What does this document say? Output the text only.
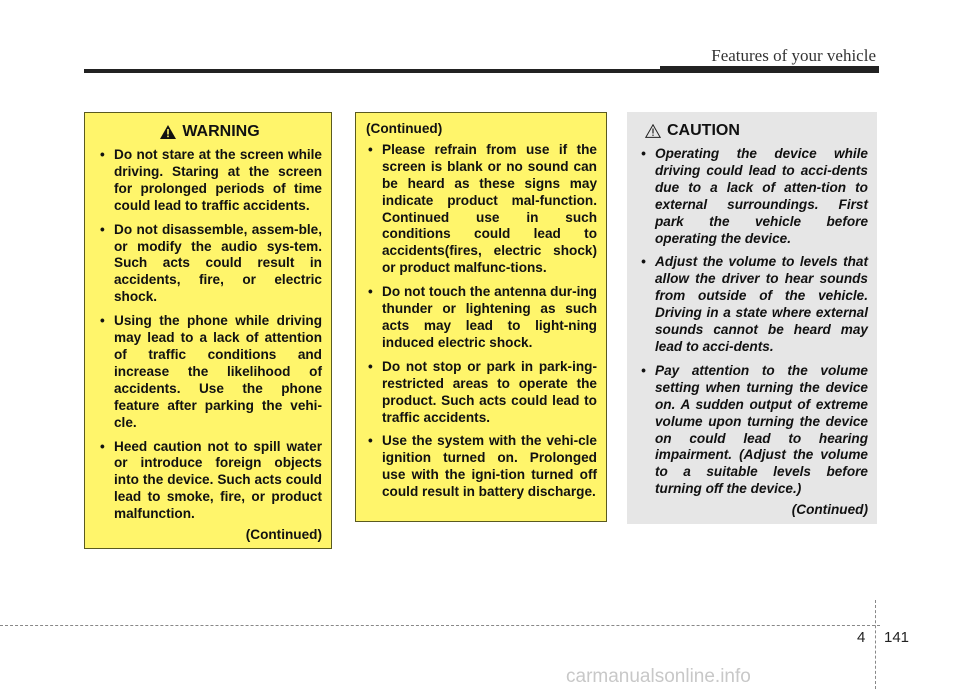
Features of your vehicle
WARNING
• Do not stare at the screen while driving. Staring at the screen for prolonged periods of time could lead to traffic accidents.
• Do not disassemble, assem-ble, or modify the audio sys-tem. Such acts could result in accidents, fire, or electric shock.
• Using the phone while driving may lead to a lack of attention of traffic conditions and increase the likelihood of accidents. Use the phone feature after parking the vehi-cle.
• Heed caution not to spill water or introduce foreign objects into the device. Such acts could lead to smoke, fire, or product malfunction.
(Continued)
(Continued)
• Please refrain from use if the screen is blank or no sound can be heard as these signs may indicate product mal-function. Continued use in such conditions could lead to accidents(fires, electric shock) or product malfunc-tions.
• Do not touch the antenna dur-ing thunder or lightening as such acts may lead to light-ning induced electric shock.
• Do not stop or park in park-ing-restricted areas to operate the product. Such acts could lead to traffic accidents.
• Use the system with the vehi-cle ignition turned on. Prolonged use with the igni-tion turned off could result in battery discharge.
CAUTION
• Operating the device while driving could lead to acci-dents due to a lack of atten-tion to external surroundings. First park the vehicle before operating the device.
• Adjust the volume to levels that allow the driver to hear sounds from outside of the vehicle. Driving in a state where external sounds cannot be heard may lead to acci-dents.
• Pay attention to the volume setting when turning the device on. A sudden output of extreme volume upon turning the device on could lead to hearing impairment. (Adjust the volume to a suitable levels before turning off the device.)
(Continued)
4 141
carmanualsonline.info
